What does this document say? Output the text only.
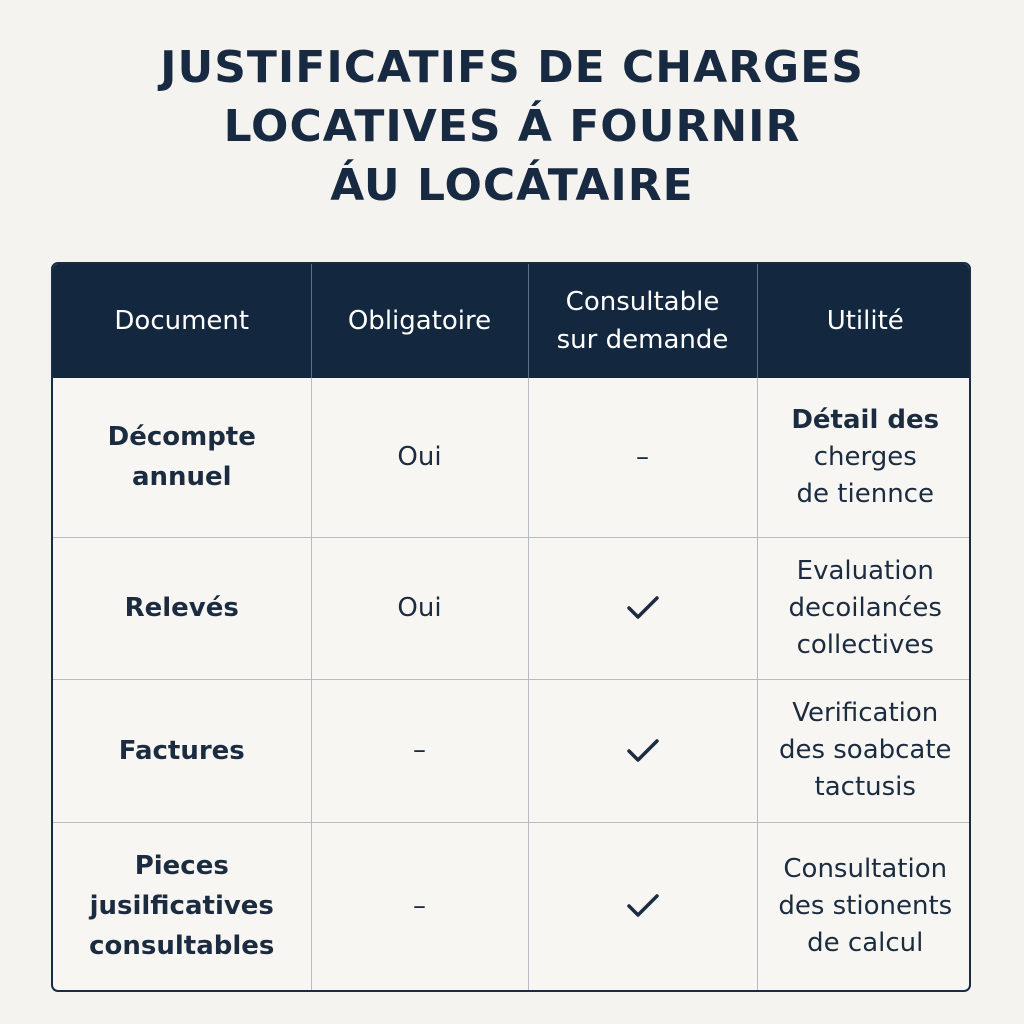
JUSTIFICATIFS DE CHARGES
LOCATIVES Á FOURNIR
ÁU LOCÁTAIRE
Document	Obligatoire	Consultable
sur demande	Utilité

Décompte
annuel	Oui	–	Détail des
cherges
de tiennce

Relevés	Oui		Evaluation
decoilanćes
collectives

Factures	–		Verification
des soabcate
tactusis

Pieces
jusilficatives
consultables	–		Consultation
des stionents
de calcul
